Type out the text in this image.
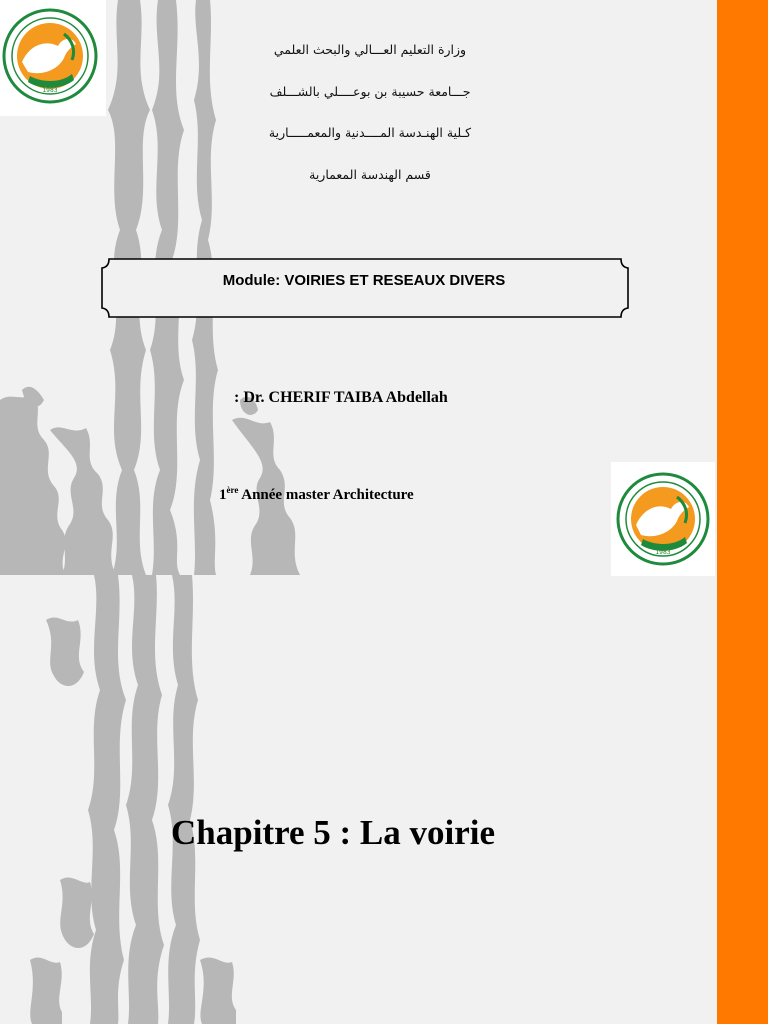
1983
1983
وزارة التعليم العـــالي والبحث العلمي
جـــامعة حسيبة بن بوعــــلي بالشـــلف
كـلية الهنـدسة المــــدنية والمعمـــــارية
قسم الهندسة المعمارية
Module: VOIRIES ET RESEAUX DIVERS
: Dr. CHERIF TAIBA Abdellah
1ère Année master Architecture
Chapitre 5 : La voirie
